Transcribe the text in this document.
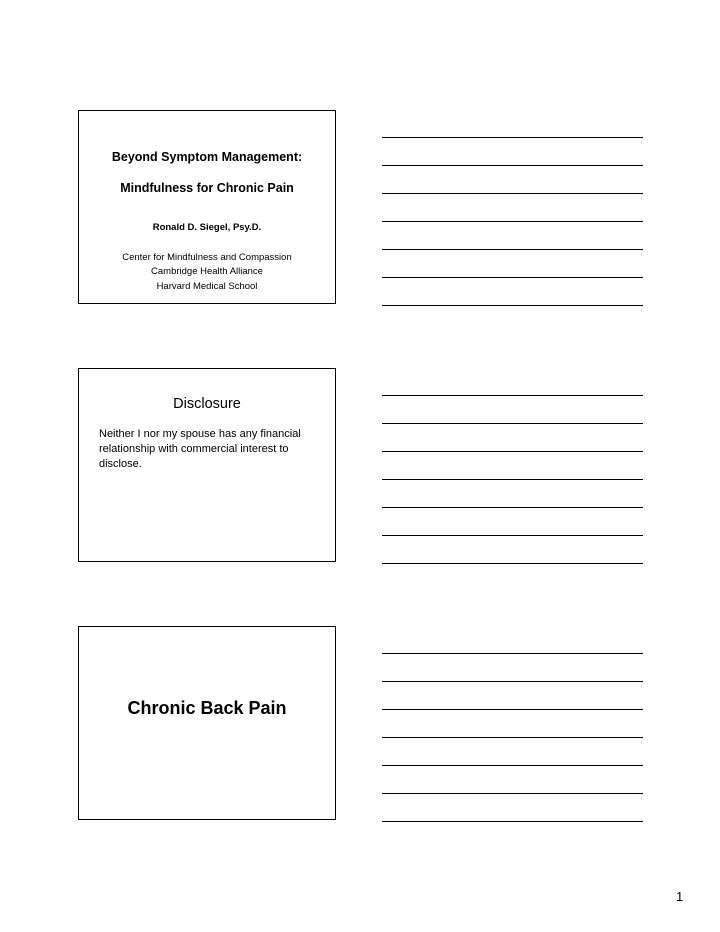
Beyond Symptom Management:
Mindfulness for Chronic Pain
Ronald D. Siegel, Psy.D.
Center for Mindfulness and Compassion
Cambridge Health Alliance
Harvard Medical School
Disclosure
Neither I nor my spouse has any financial relationship with commercial interest to disclose.
Chronic Back Pain
1
